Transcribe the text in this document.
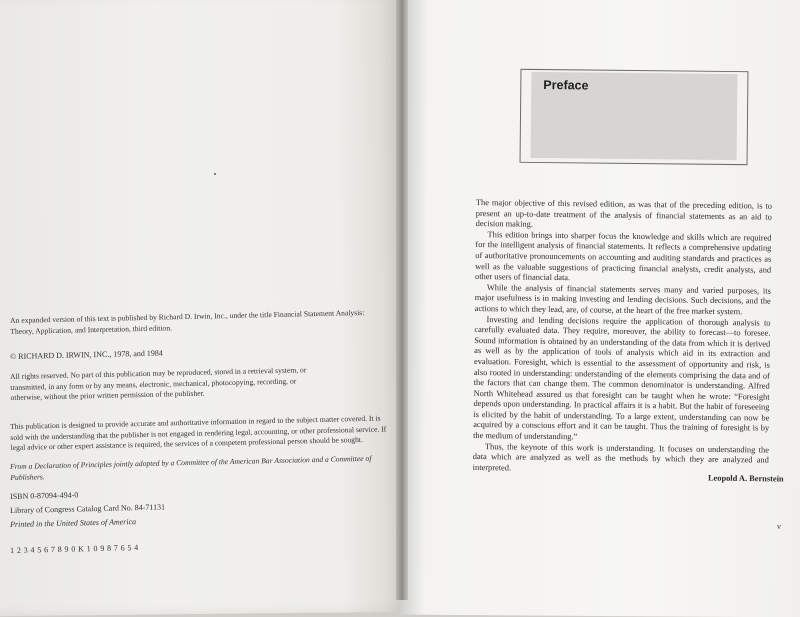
An expanded version of this text is published by Richard D. Irwin, Inc., under the title Financial Statement Analysis: Theory, Application, and Interpretation, third edition.
© RICHARD D. IRWIN, INC., 1978, and 1984
All rights reserved. No part of this publication may be reproduced, stored in a retrieval system, or transmitted, in any form or by any means, electronic, mechanical, photocopying, recording, or otherwise, without the prior written permission of the publisher.
This publication is designed to provide accurate and authoritative information in regard to the subject matter covered. It is sold with the understanding that the publisher is not engaged in rendering legal, accounting, or other professional service. If legal advice or other expert assistance is required, the services of a competent professional person should be sought.
From a Declaration of Principles jointly adopted by a Committee of the American Bar Association and a Committee of Publishers.
ISBN 0-87094-494-0
Library of Congress Catalog Card No. 84-71131
Printed in the United States of America
1 2 3 4 5 6 7 8 9 0 K 1 0 9 8 7 6 5 4
Preface

The major objective of this revised edition, as was that of the preceding edition, is to present an up-to-date treatment of the analysis of financial statements as an aid to decision making.

This edition brings into sharper focus the knowledge and skills which are required for the intelligent analysis of financial statements. It reflects a comprehensive updating of authoritative pronouncements on accounting and auditing standards and practices as well as the valuable suggestions of practicing financial analysts, credit analysts, and other users of financial data.

While the analysis of financial statements serves many and varied purposes, its major usefulness is in making investing and lending decisions. Such decisions, and the actions to which they lead, are, of course, at the heart of the free market system.

Investing and lending decisions require the application of thorough analysis to carefully evaluated data. They require, moreover, the ability to forecast—to foresee. Sound information is obtained by an understanding of the data from which it is derived as well as by the application of tools of analysis which aid in its extraction and evaluation. Foresight, which is essential to the assessment of opportunity and risk, is also rooted in understanding: understanding of the elements comprising the data and of the factors that can change them. The common denominator is understanding. Alfred North Whitehead assured us that foresight can be taught when he wrote: “Foresight depends upon understanding. In practical affairs it is a habit. But the habit of foreseeing is elicited by the habit of understanding. To a large extent, understanding can now be acquired by a conscious effort and it can be taught. Thus the training of foresight is by the medium of understanding.”

Thus, the keynote of this work is understanding. It focuses on understanding the data which are analyzed as well as the methods by which they are analyzed and interpreted.

Leopold A. Bernstein
v
